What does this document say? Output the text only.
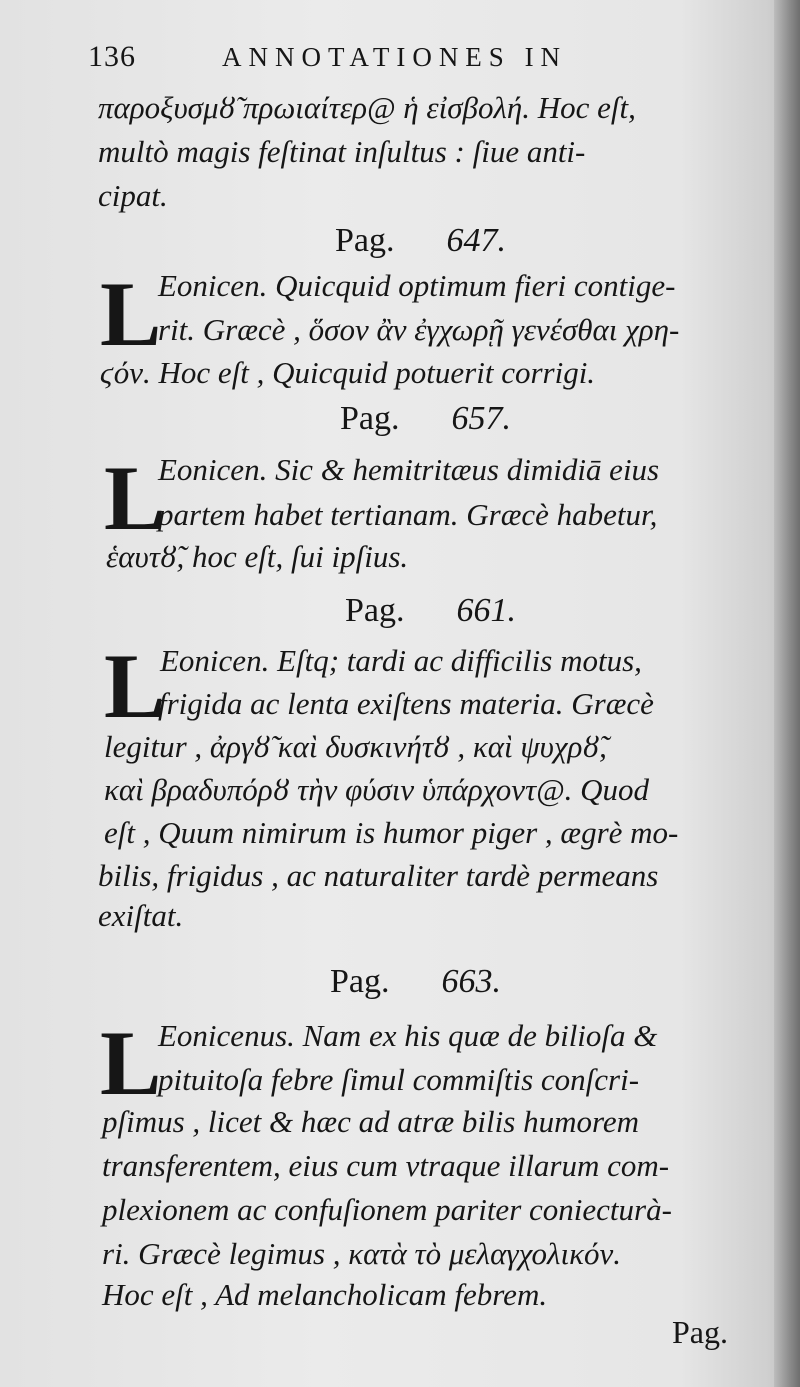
136	ANNOTATIONES IN
παροξυσμȣ̃ πρωιαίτερ@ ἡ εἰσβολή. Hoc eſt,
multò magis feſtinat inſultus : ſiue anti-
cipat.
Pag. 647.
L
Eonicen. Quicquid optimum fieri contige-
rit. Græcè , ὅσον ἂν ἐγχωρῇ γενέσθαι χρη-
ϛόν. Hoc eſt , Quicquid potuerit corrigi.
Pag. 657.
L
Eonicen. Sic & hemitritæus dimidiā eius
partem habet tertianam. Græcè habetur,
ἑαυτȣ̃, hoc eſt, ſui ipſius.
Pag. 661.
L
Eonicen. Eſtq; tardi ac difficilis motus,
frigida ac lenta exiſtens materia. Græcè
legitur , ἀργȣ̃ καὶ δυσκινήτȣ , καὶ ψυχρȣ̃,
καὶ βραδυπόρȣ τὴν φύσιν ὑπάρχοντ@. Quod
eſt , Quum nimirum is humor piger , ægrè mo-
bilis, frigidus , ac naturaliter tardè permeans
exiſtat.
Pag. 663.
L
Eonicenus. Nam ex his quæ de bilioſa &
pituitoſa febre ſimul commiſtis conſcri-
pſimus , licet & hæc ad atræ bilis humorem
transferentem, eius cum vtraque illarum com-
plexionem ac confuſionem pariter coniecturà-
ri. Græcè legimus , κατὰ τὸ μελαγχολικόν.
Hoc eſt , Ad melancholicam febrem.
Pag.
